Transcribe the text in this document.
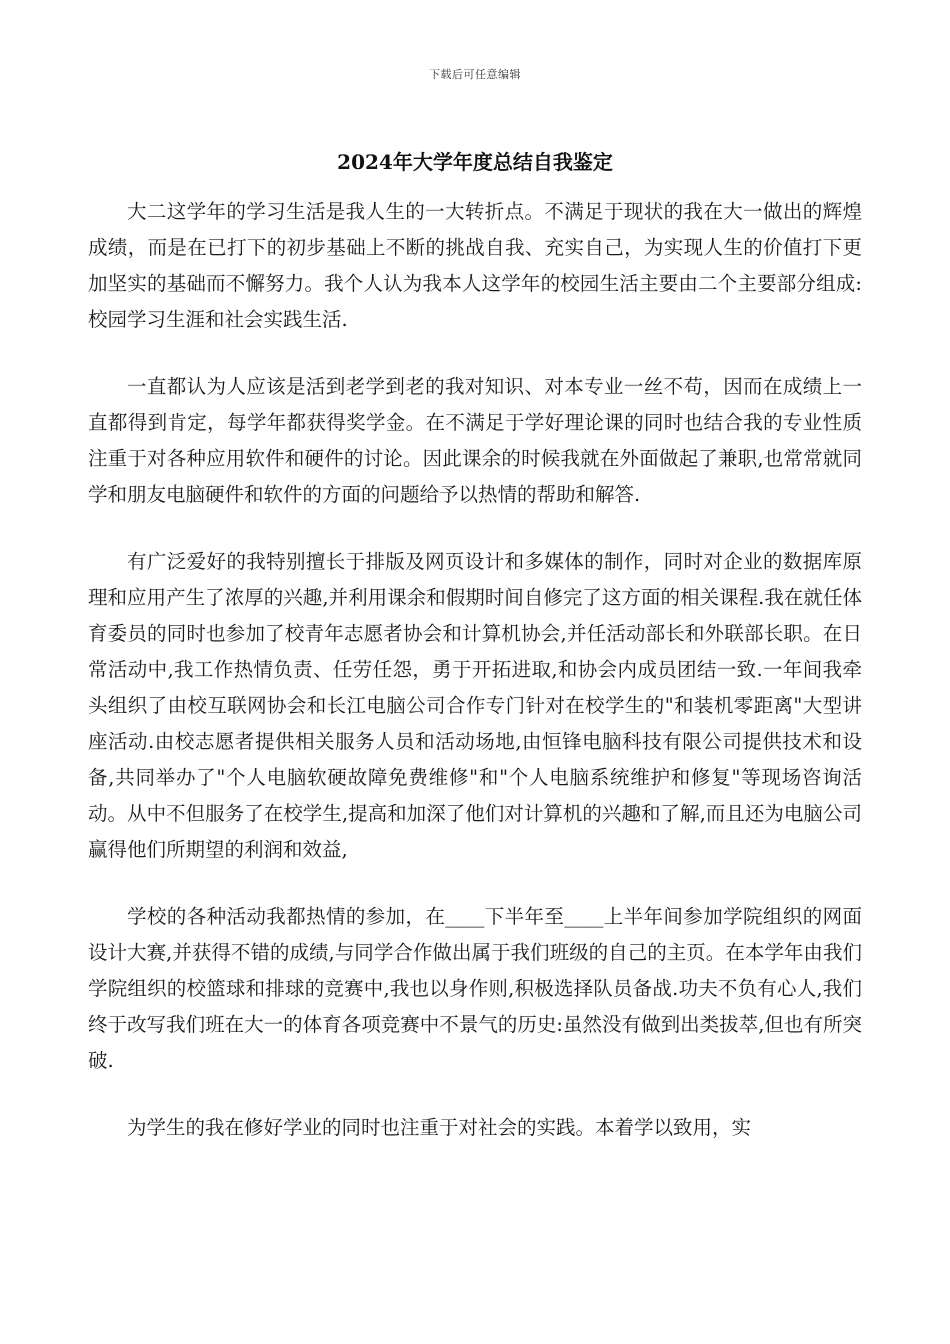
下载后可任意编辑
2024年大学年度总结自我鉴定

大二这学年的学习生活是我人生的一大转折点。不满足于现状的我在大一做出的辉煌成绩，而是在已打下的初步基础上不断的挑战自我、充实自己，为实现人生的价值打下更加坚实的基础而不懈努力。我个人认为我本人这学年的校园生活主要由二个主要部分组成:校园学习生涯和社会实践生活.

一直都认为人应该是活到老学到老的我对知识、对本专业一丝不苟，因而在成绩上一直都得到肯定，每学年都获得奖学金。在不满足于学好理论课的同时也结合我的专业性质注重于对各种应用软件和硬件的讨论。因此课余的时候我就在外面做起了兼职,也常常就同学和朋友电脑硬件和软件的方面的问题给予以热情的帮助和解答.

有广泛爱好的我特别擅长于排版及网页设计和多媒体的制作，同时对企业的数据库原理和应用产生了浓厚的兴趣,并利用课余和假期时间自修完了这方面的相关课程.我在就任体育委员的同时也参加了校青年志愿者协会和计算机协会,并任活动部长和外联部长职。在日常活动中,我工作热情负责、任劳任怨，勇于开拓进取,和协会内成员团结一致.一年间我牵头组织了由校互联网协会和长江电脑公司合作专门针对在校学生的"和装机零距离"大型讲座活动.由校志愿者提供相关服务人员和活动场地,由恒锋电脑科技有限公司提供技术和设备,共同举办了"个人电脑软硬故障免费维修"和"个人电脑系统维护和修复"等现场咨询活动。从中不但服务了在校学生,提高和加深了他们对计算机的兴趣和了解,而且还为电脑公司赢得他们所期望的利润和效益,

学校的各种活动我都热情的参加，在____下半年至____上半年间参加学院组织的网面设计大赛,并获得不错的成绩,与同学合作做出属于我们班级的自己的主页。在本学年由我们学院组织的校篮球和排球的竞赛中,我也以身作则,积极选择队员备战.功夫不负有心人,我们终于改写我们班在大一的体育各项竞赛中不景气的历史:虽然没有做到出类拔萃,但也有所突破.

为学生的我在修好学业的同时也注重于对社会的实践。本着学以致用，实
